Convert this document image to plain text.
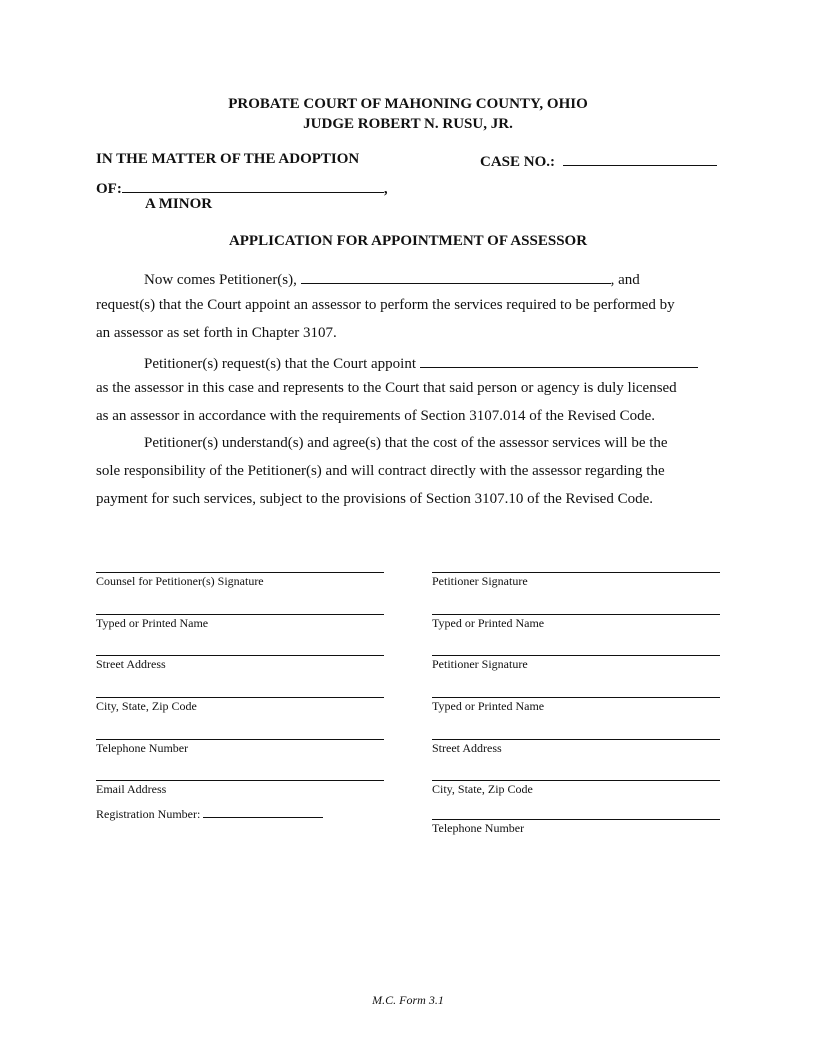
PROBATE COURT OF MAHONING COUNTY, OHIO
JUDGE ROBERT N. RUSU, JR.
IN THE MATTER OF THE ADOPTION	CASE NO.:
OF:	,
A MINOR
APPLICATION FOR APPOINTMENT OF ASSESSOR
Now comes Petitioner(s),	, and
request(s) that the Court appoint an assessor to perform the services required to be performed by
an assessor as set forth in Chapter 3107.
Petitioner(s) request(s) that the Court appoint
as the assessor in this case and represents to the Court that said person or agency is duly licensed
as an assessor in accordance with the requirements of Section 3107.014 of the Revised Code.
Petitioner(s) understand(s) and agree(s) that the cost of the assessor services will be the
sole responsibility of the Petitioner(s) and will contract directly with the assessor regarding the
payment for such services, subject to the provisions of Section 3107.10 of the Revised Code.
Counsel for Petitioner(s) Signature
Typed or Printed Name
Street Address
City, State, Zip Code
Telephone Number
Email Address
Registration Number:
Petitioner Signature
Typed or Printed Name
Petitioner Signature
Typed or Printed Name
Street Address
City, State, Zip Code
Telephone Number
M.C. Form 3.1
